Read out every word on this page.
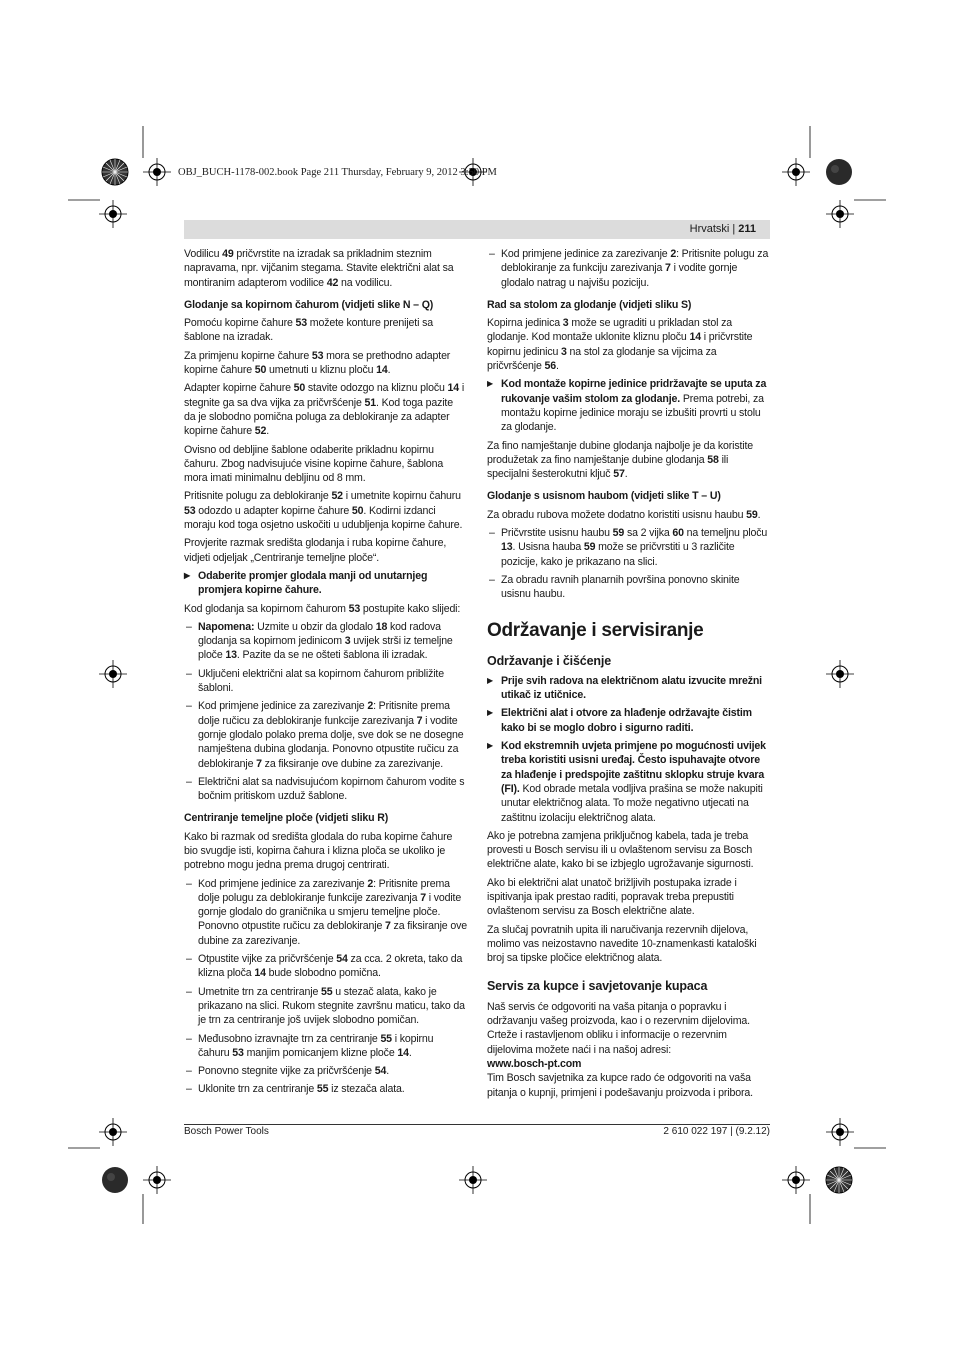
OBJ_BUCH-1178-002.book Page 211 Thursday, February 9, 2012 3:50 PM
Hrvatski | 211
Vodilicu 49 pričvrstite na izradak sa prikladnim steznim napravama, npr. vijčanim stegama. Stavite električni alat sa montiranim adapterom vodilice 42 na vodilicu.
Glodanje sa kopirnom čahurom (vidjeti slike N – Q)
Pomoću kopirne čahure 53 možete konture prenijeti sa šablone na izradak.
Za primjenu kopirne čahure 53 mora se prethodno adapter kopirne čahure 50 umetnuti u kliznu ploču 14.
Adapter kopirne čahure 50 stavite odozgo na kliznu ploču 14 i stegnite ga sa dva vijka za pričvršćenje 51. Kod toga pazite da je slobodno pomična poluga za deblokiranje za adapter kopirne čahure 52.
Ovisno od debljine šablone odaberite prikladnu kopirnu čahuru. Zbog nadvisujuće visine kopirne čahure, šablona mora imati minimalnu debljinu od 8 mm.
Pritisnite polugu za deblokiranje 52 i umetnite kopirnu čahuru 53 odozdo u adapter kopirne čahure 50. Kodirni izdanci moraju kod toga osjetno uskočiti u udubljenja kopirne čahure.
Provjerite razmak središta glodanja i ruba kopirne čahure, vidjeti odjeljak „Centriranje temeljne ploče“.
▶ Odaberite promjer glodala manji od unutarnjeg promjera kopirne čahure.
Kod glodanja sa kopirnom čahurom 53 postupite kako slijedi:
– Napomena: Uzmite u obzir da glodalo 18 kod radova glodanja sa kopirnom jedinicom 3 uvijek strši iz temeljne ploče 13. Pazite da se ne ošteti šablona ili izradak.
– Uključeni električni alat sa kopirnom čahurom približite šabloni.
– Kod primjene jedinice za zarezivanje 2: Pritisnite prema dolje ručicu za deblokiranje funkcije zarezivanja 7 i vodite gornje glodalo polako prema dolje, sve dok se ne dosegne namještena dubina glodanja. Ponovno otpustite ručicu za deblokiranje 7 za fiksiranje ove dubine za zarezivanje.
– Električni alat sa nadvisujućom kopirnom čahurom vodite s bočnim pritiskom uzduž šablone.
Centriranje temeljne ploče (vidjeti sliku R)
Kako bi razmak od središta glodala do ruba kopirne čahure bio svugdje isti, kopirna čahura i klizna ploča se ukoliko je potrebno mogu jedna prema drugoj centrirati.
– Kod primjene jedinice za zarezivanje 2: Pritisnite prema dolje polugu za deblokiranje funkcije zarezivanja 7 i vodite gornje glodalo do graničnika u smjeru temeljne ploče. Ponovno otpustite ručicu za deblokiranje 7 za fiksiranje ove dubine za zarezivanje.
– Otpustite vijke za pričvršćenje 54 za cca. 2 okreta, tako da klizna ploča 14 bude slobodno pomična.
– Umetnite trn za centriranje 55 u stezač alata, kako je prikazano na slici. Rukom stegnite završnu maticu, tako da je trn za centriranje još uvijek slobodno pomičan.
– Međusobno izravnajte trn za centriranje 55 i kopirnu čahuru 53 manjim pomicanjem klizne ploče 14.
– Ponovno stegnite vijke za pričvršćenje 54.
– Uklonite trn za centriranje 55 iz stezača alata.
– Kod primjene jedinice za zarezivanje 2: Pritisnite polugu za deblokiranje za funkciju zarezivanja 7 i vodite gornje glodalo natrag u najvišu poziciju.
Rad sa stolom za glodanje (vidjeti sliku S)
Kopirna jedinica 3 može se ugraditi u prikladan stol za glodanje. Kod montaže uklonite kliznu ploču 14 i pričvrstite kopirnu jedinicu 3 na stol za glodanje sa vijcima za pričvršćenje 56.
▶ Kod montaže kopirne jedinice pridržavajte se uputa za rukovanje vašim stolom za glodanje. Prema potrebi, za montažu kopirne jedinice moraju se izbušiti provrti u stolu za glodanje.
Za fino namještanje dubine glodanja najbolje je da koristite produžetak za fino namještanje dubine glodanja 58 ili specijalni šesterokutni ključ 57.
Glodanje s usisnom haubom (vidjeti slike T – U)
Za obradu rubova možete dodatno koristiti usisnu haubu 59.
– Pričvrstite usisnu haubu 59 sa 2 vijka 60 na temeljnu ploču 13. Usisna hauba 59 može se pričvrstiti u 3 različite pozicije, kako je prikazano na slici.
– Za obradu ravnih planarnih površina ponovno skinite usisnu haubu.
Održavanje i servisiranje
Održavanje i čišćenje
▶ Prije svih radova na električnom alatu izvucite mrežni utikač iz utičnice.
▶ Električni alat i otvore za hlađenje održavajte čistim kako bi se moglo dobro i sigurno raditi.
▶ Kod ekstremnih uvjeta primjene po mogućnosti uvijek treba koristiti usisni uređaj. Često ispuhavajte otvore za hlađenje i predspojite zaštitnu sklopku struje kvara (FI). Kod obrade metala vodljiva prašina se može nakupiti unutar električnog alata. To može negativno utjecati na zaštitnu izolaciju električnog alata.
Ako je potrebna zamjena priključnog kabela, tada je treba provesti u Bosch servisu ili u ovlaštenom servisu za Bosch električne alate, kako bi se izbjeglo ugrožavanje sigurnosti.
Ako bi električni alat unatoč brižljivih postupaka izrade i ispitivanja ipak prestao raditi, popravak treba prepustiti ovlaštenom servisu za Bosch električne alate.
Za slučaj povratnih upita ili naručivanja rezervnih dijelova, molimo vas neizostavno navedite 10-znamenkasti kataloški broj sa tipske pločice električnog alata.
Servis za kupce i savjetovanje kupaca
Naš servis će odgovoriti na vaša pitanja o popravku i održavanju vašeg proizvoda, kao i o rezervnim dijelovima. Crteže i rastavljenom obliku i informacije o rezervnim dijelovima možete naći i na našoj adresi:
www.bosch-pt.com
Tim Bosch savjetnika za kupce rado će odgovoriti na vaša pitanja o kupnji, primjeni i podešavanju proizvoda i pribora.
Bosch Power Tools	2 610 022 197 | (9.2.12)
